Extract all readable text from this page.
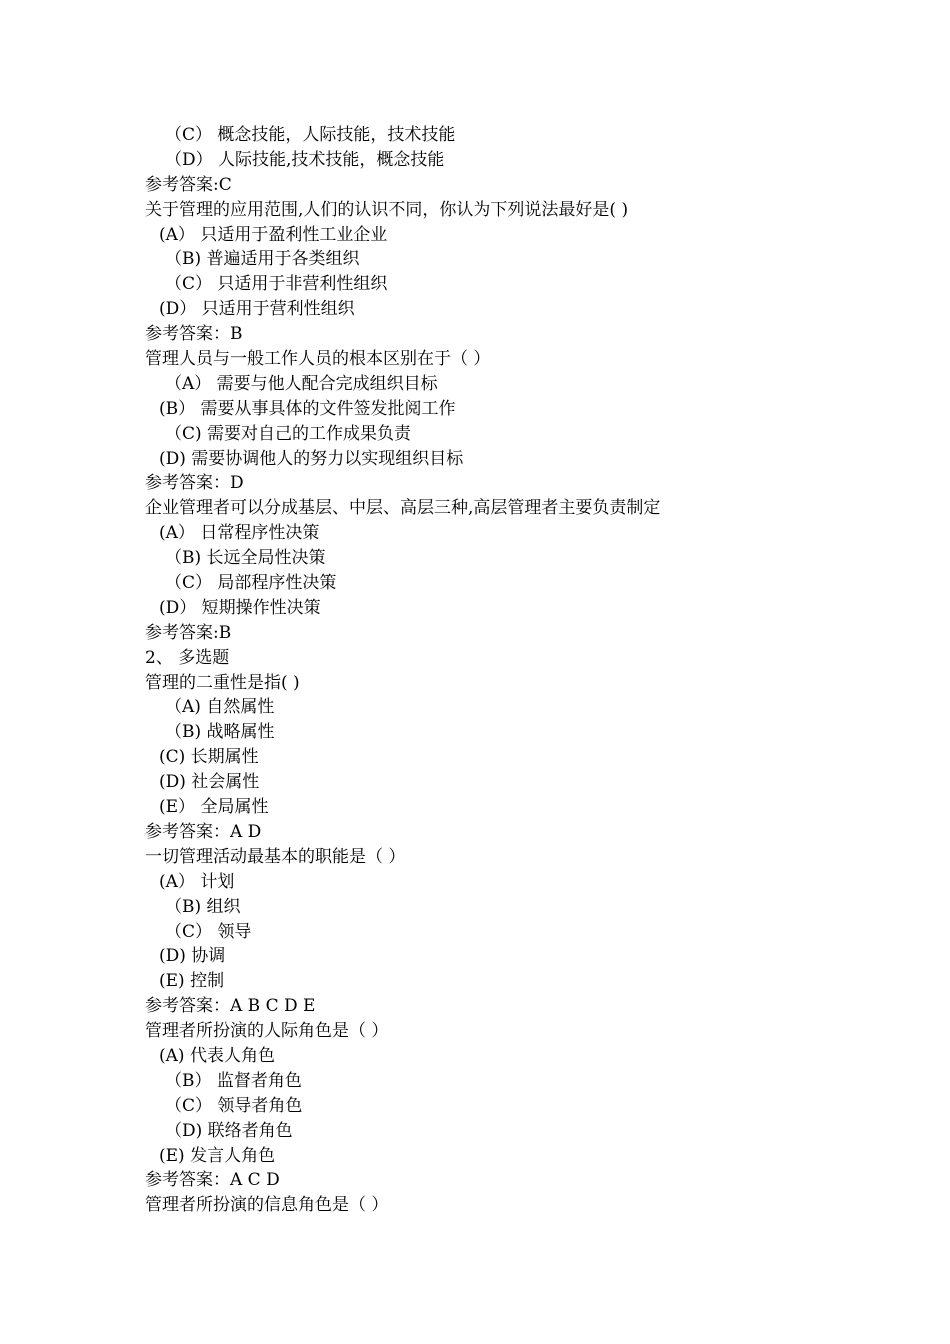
（C） 概念技能，人际技能，技术技能
（D） 人际技能,技术技能，概念技能
参考答案:C
关于管理的应用范围,人们的认识不同，你认为下列说法最好是( )
(A） 只适用于盈利性工业企业
（B) 普遍适用于各类组织
（C） 只适用于非营利性组织
(D） 只适用于营利性组织
参考答案：B
管理人员与一般工作人员的根本区别在于（ ）
（A） 需要与他人配合完成组织目标
(B） 需要从事具体的文件签发批阅工作
（C) 需要对自己的工作成果负责
(D) 需要协调他人的努力以实现组织目标
参考答案：D
企业管理者可以分成基层、中层、高层三种,高层管理者主要负责制定
(A） 日常程序性决策
（B) 长远全局性决策
（C） 局部程序性决策
(D） 短期操作性决策
参考答案:B
2、 多选题
管理的二重性是指( )
（A) 自然属性
（B) 战略属性
(C) 长期属性
(D) 社会属性
(E） 全局属性
参考答案：A D
一切管理活动最基本的职能是（ ）
(A） 计划
（B) 组织
（C） 领导
(D) 协调
(E) 控制
参考答案：A B C D E
管理者所扮演的人际角色是（ ）
(A) 代表人角色
（B） 监督者角色
（C） 领导者角色
（D) 联络者角色
(E) 发言人角色
参考答案：A C D
管理者所扮演的信息角色是（ ）
